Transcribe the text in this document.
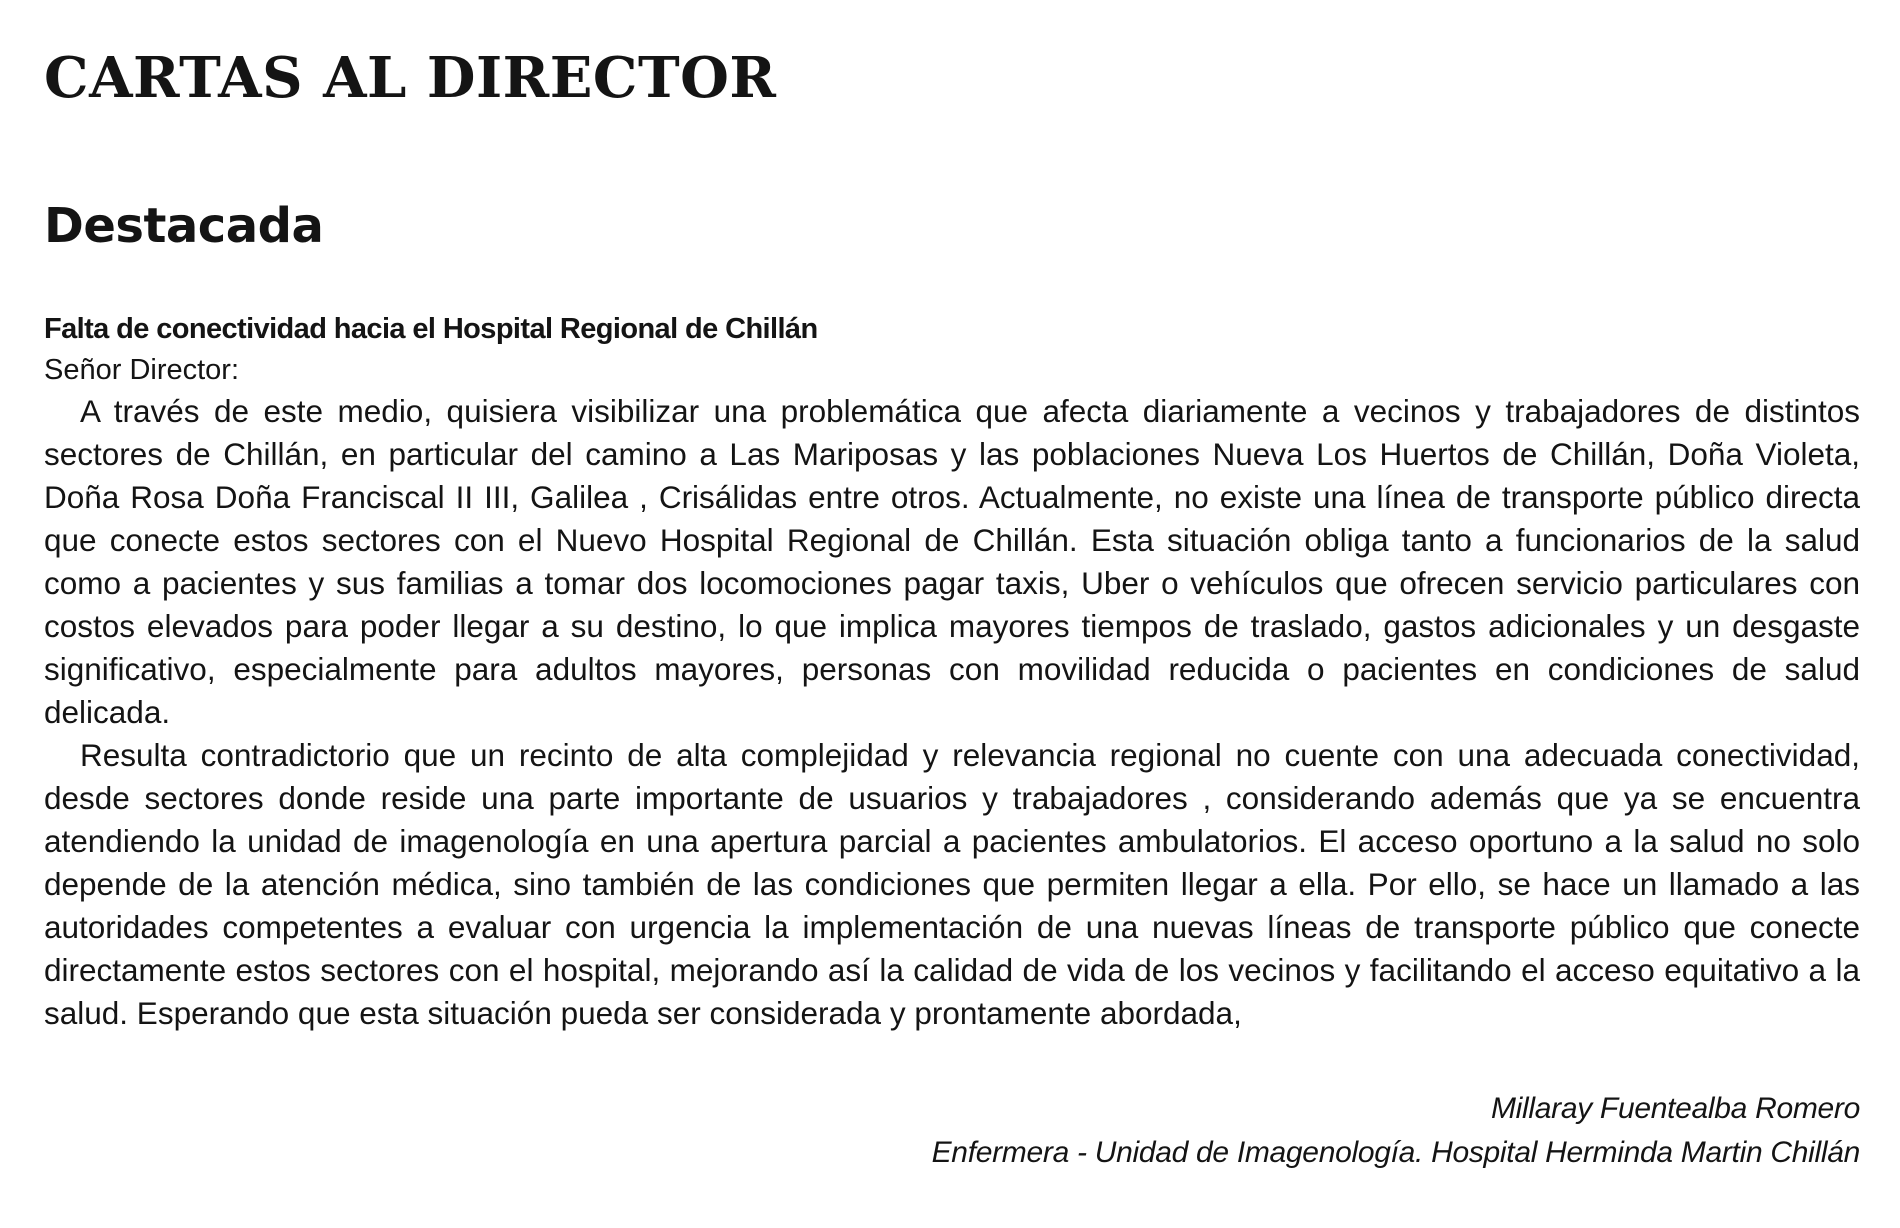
CARTAS AL DIRECTOR
Destacada
Falta de conectividad hacia el Hospital Regional de Chillán

Señor Director:

A través de este medio, quisiera visibilizar una problemática que afecta diariamente a vecinos y trabajadores de distintos sectores de Chillán, en particular del camino a Las Mariposas y las poblaciones Nueva Los Huertos de Chillán, Doña Violeta, Doña Rosa Doña Franciscal II III, Galilea , Crisálidas entre otros. Actualmente, no existe una línea de transporte público directa que conecte estos sectores con el Nuevo Hospital Regional de Chillán. Esta situación obliga tanto a funcionarios de la salud como a pacientes y sus familias a tomar dos locomociones pagar taxis, Uber o vehículos que ofrecen servicio particulares con costos elevados para poder llegar a su destino, lo que implica mayores tiempos de traslado, gastos adicionales y un desgaste significativo, especialmente para adultos mayores, personas con movilidad reducida o pacientes en condiciones de salud delicada.

Resulta contradictorio que un recinto de alta complejidad y relevancia regional no cuente con una adecuada conectividad, desde sectores donde reside una parte importante de usuarios y trabajadores , considerando además que ya se encuentra atendiendo la unidad de imagenología en una apertura parcial a pacientes ambulatorios. El acceso oportuno a la salud no solo depende de la atención médica, sino también de las condiciones que permiten llegar a ella. Por ello, se hace un llamado a las autoridades competentes a evaluar con urgencia la implementación de una nuevas líneas de transporte público que conecte directamente estos sectores con el hospital, mejorando así la calidad de vida de los vecinos y facilitando el acceso equitativo a la salud. Esperando que esta situación pueda ser considerada y prontamente abordada,

Millaray Fuentealba Romero
Enfermera - Unidad de Imagenología. Hospital Herminda Martin Chillán
